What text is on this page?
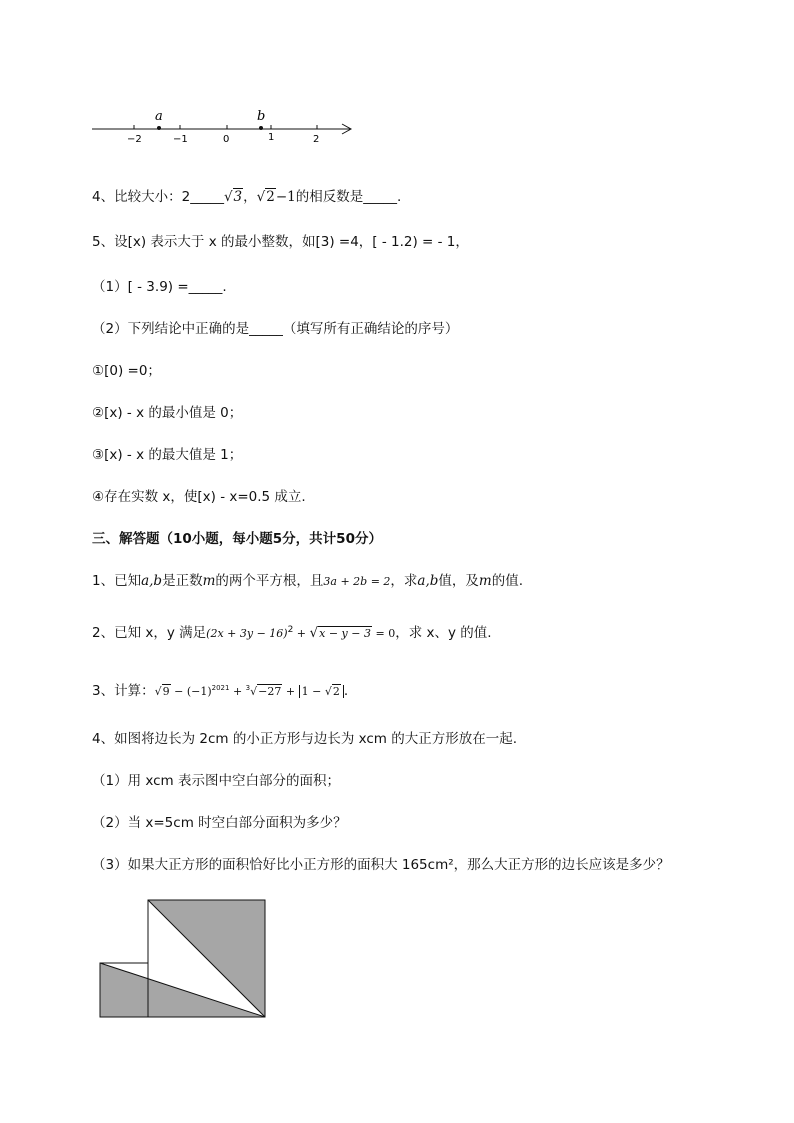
a	b
−2	−1	0	1	2
4、比较大小：2_____√3，√2−1的相反数是_____.
5、设[x) 表示大于 x 的最小整数，如[3) =4，[ - 1.2) = - 1，
（1）[ - 3.9) =_____.
（2）下列结论中正确的是_____（填写所有正确结论的序号）
①[0) =0；
②[x) - x 的最小值是 0；
③[x) - x 的最大值是 1；
④存在实数 x，使[x) - x=0.5 成立.
三、解答题（10小题，每小题5分，共计50分）
1、已知a,b是正数m的两个平方根，且3a + 2b = 2，求a,b值，及m的值.
2、已知 x，y 满足$(2x + 3y - 16)^2 + √x - y - 3 = 0$，求 x、y 的值.
3、计算：$√9 - (-1)^{2021} + ^3√-27 + 1 - √2$ .
4、如图将边长为 2cm 的小正方形与边长为 xcm 的大正方形放在一起.
（1）用 xcm 表示图中空白部分的面积；
（2）当 x=5cm 时空白部分面积为多少？
（3）如果大正方形的面积恰好比小正方形的面积大 165cm²，那么大正方形的边长应该是多少？
